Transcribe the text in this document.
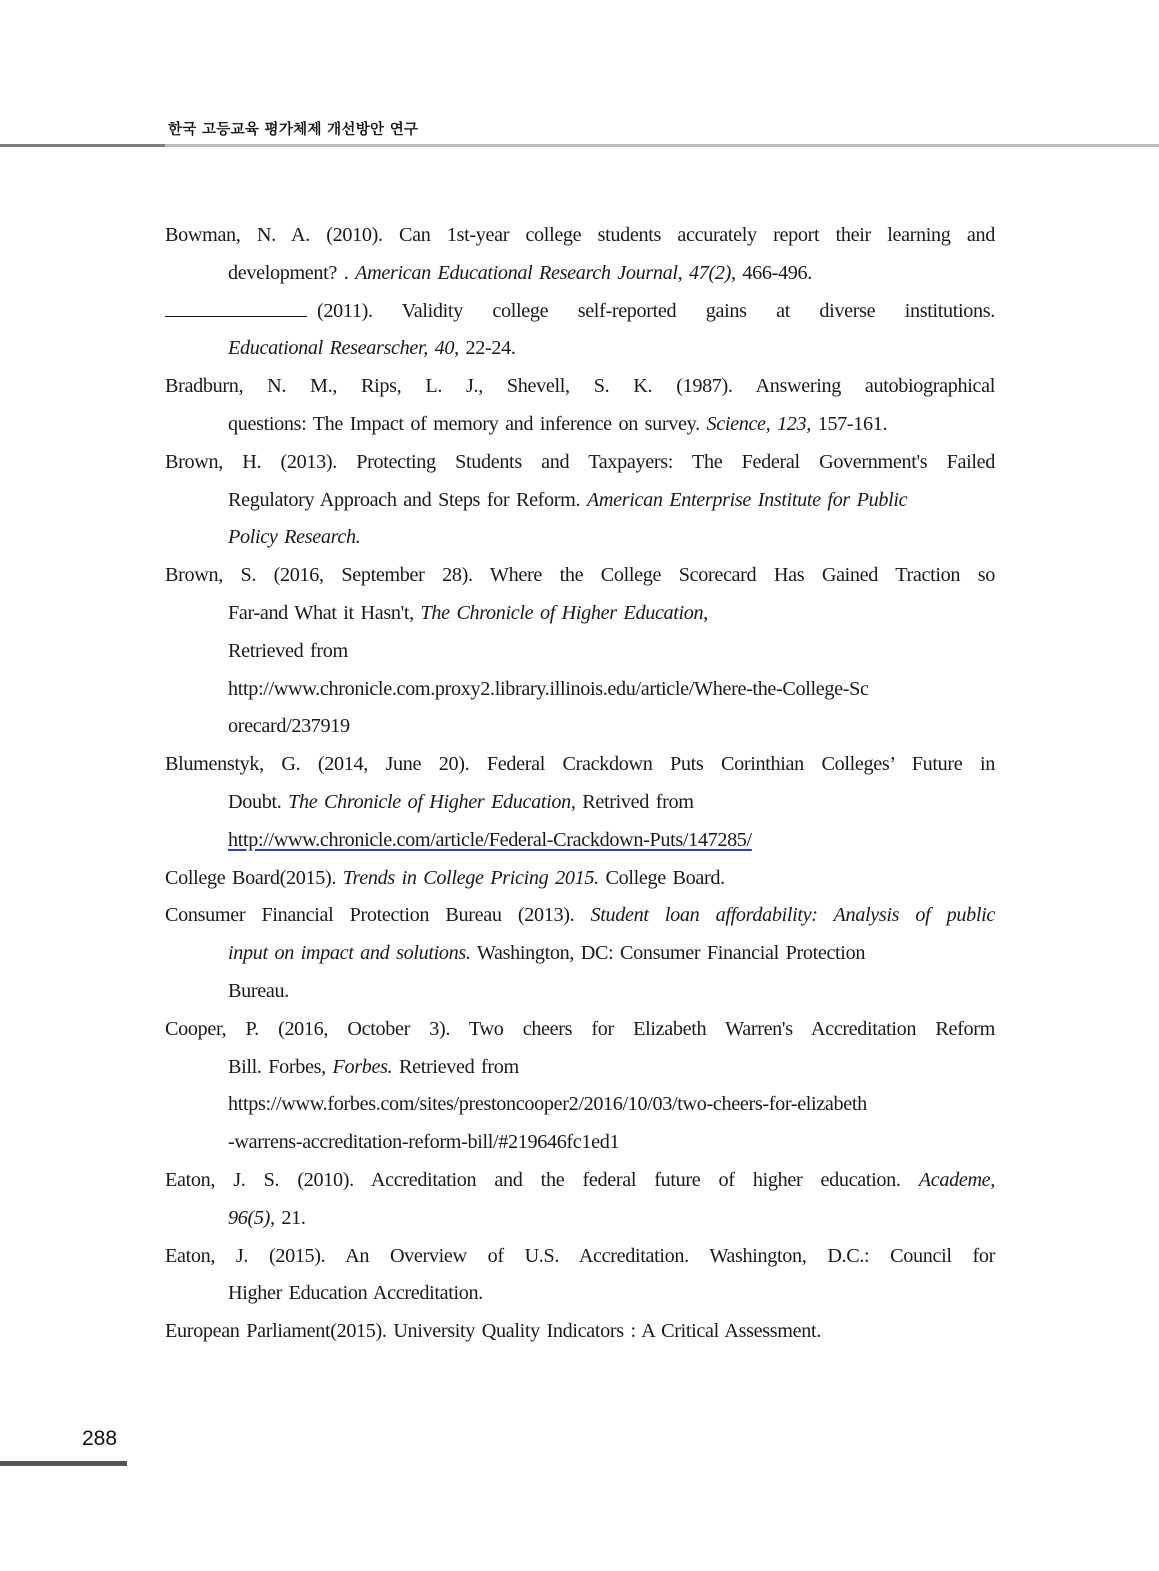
한국 고등교육 평가체제 개선방안 연구
Bowman, N. A. (2010). Can 1st-year college students accurately report their learning and
development? . American Educational Research Journal, 47(2), 466-496.
(2011). Validity college self-reported gains at diverse institutions.
Educational Researscher, 40, 22-24.
Bradburn, N. M., Rips, L. J., Shevell, S. K. (1987). Answering autobiographical
questions: The Impact of memory and inference on survey. Science, 123, 157-161.
Brown, H. (2013). Protecting Students and Taxpayers: The Federal Government's Failed
Regulatory Approach and Steps for Reform. American Enterprise Institute for Public
Policy Research.
Brown, S. (2016, September 28). Where the College Scorecard Has Gained Traction so
Far-and What it Hasn't, The Chronicle of Higher Education,
Retrieved from
http://www.chronicle.com.proxy2.library.illinois.edu/article/Where-the-College-Sc
orecard/237919
Blumenstyk, G. (2014, June 20). Federal Crackdown Puts Corinthian Colleges’ Future in
Doubt. The Chronicle of Higher Education, Retrived from
http://www.chronicle.com/article/Federal-Crackdown-Puts/147285/
College Board(2015). Trends in College Pricing 2015. College Board.
Consumer Financial Protection Bureau (2013). Student loan affordability: Analysis of public
input on impact and solutions. Washington, DC: Consumer Financial Protection
Bureau.
Cooper, P. (2016, October 3). Two cheers for Elizabeth Warren's Accreditation Reform
Bill. Forbes, Forbes. Retrieved from
https://www.forbes.com/sites/prestoncooper2/2016/10/03/two-cheers-for-elizabeth
-warrens-accreditation-reform-bill/#219646fc1ed1
Eaton, J. S. (2010). Accreditation and the federal future of higher education. Academe,
96(5), 21.
Eaton, J. (2015). An Overview of U.S. Accreditation. Washington, D.C.: Council for
Higher Education Accreditation.
European Parliament(2015). University Quality Indicators : A Critical Assessment.
288
